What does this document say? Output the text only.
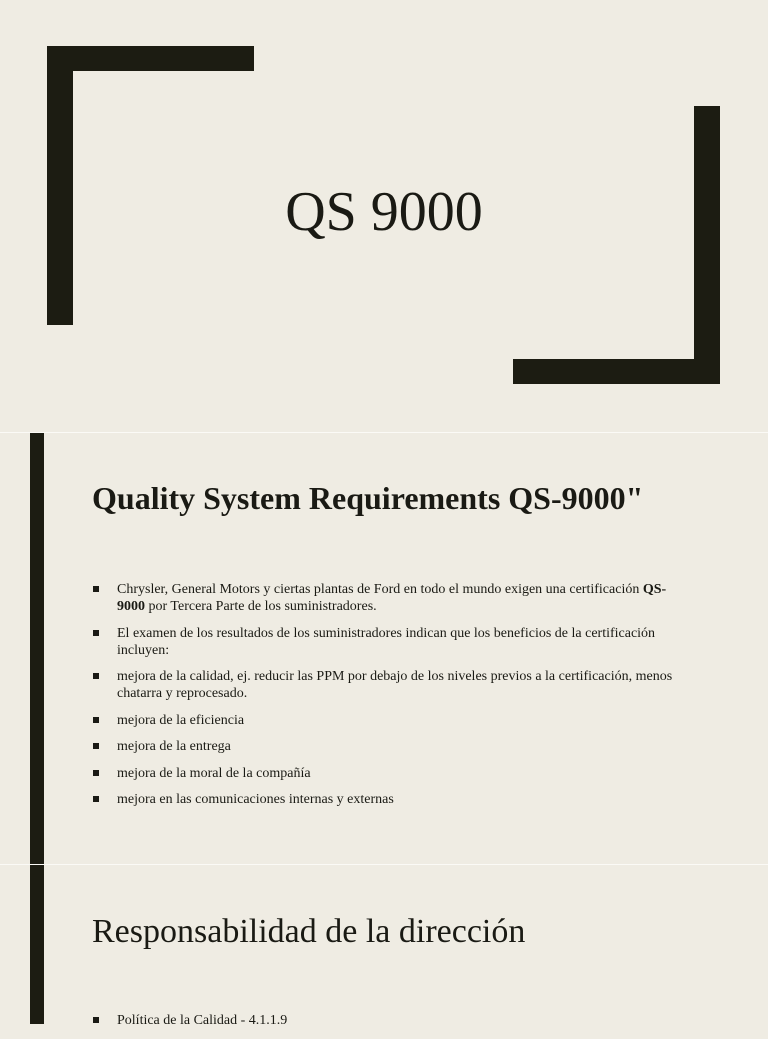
QS 9000
Quality System Requirements QS-9000"
Chrysler, General Motors y ciertas plantas de Ford en todo el mundo exigen una certificación QS-9000 por Tercera Parte de los suministradores.
El examen de los resultados de los suministradores indican que los beneficios de la certificación incluyen:
mejora de la calidad, ej. reducir las PPM por debajo de los niveles previos a la certificación, menos chatarra y reprocesado.
mejora de la eficiencia
mejora de la entrega
mejora de la moral de la compañía
mejora en las comunicaciones internas y externas
Responsabilidad de la dirección
Política de la Calidad - 4.1.1.9
